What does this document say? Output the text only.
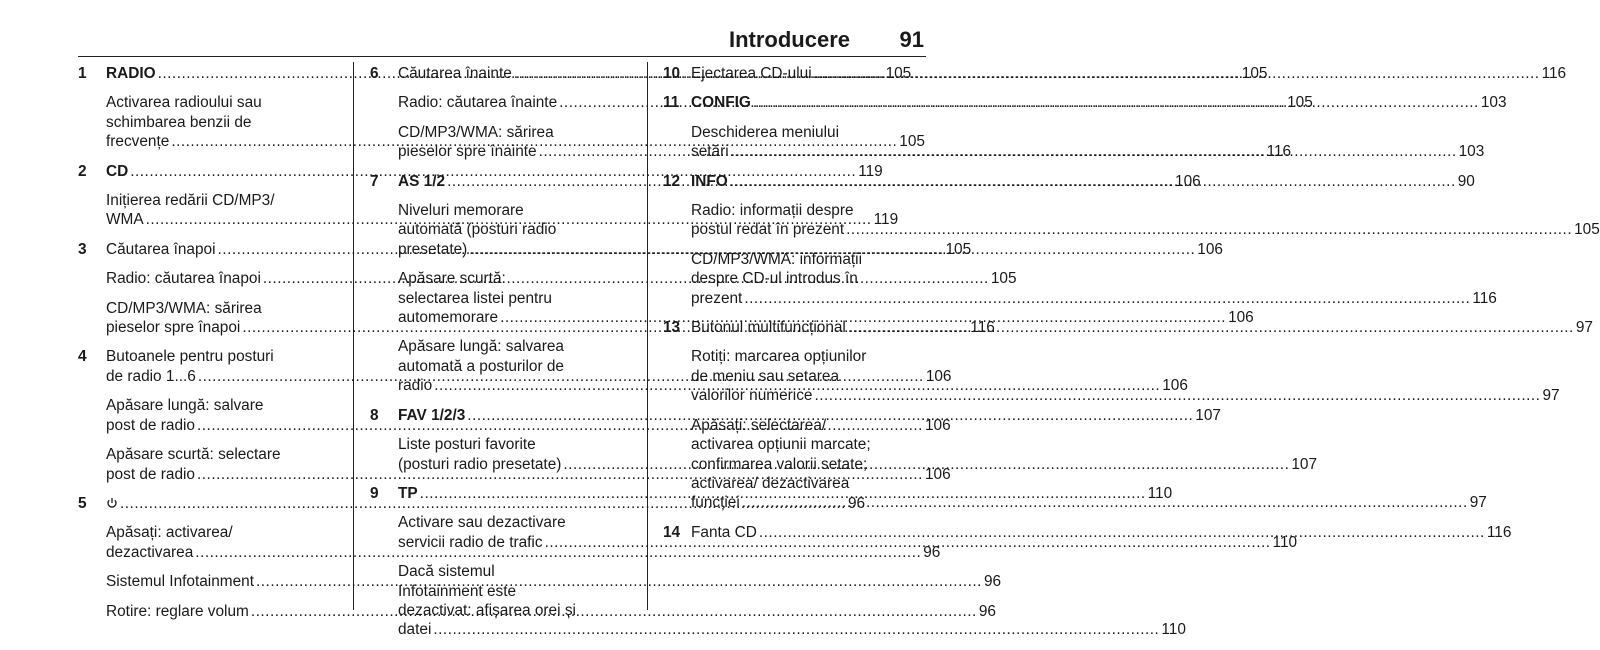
Introducere 91
1	RADIO .....	105
Activarea radioului sau
schimbarea benzii de
frecvențe .....	105
2	CD .....	119
Inițierea redării CD/MP3/
WMA .....	119
3	Căutarea înapoi .....	105
Radio: căutarea înapoi .....	105
CD/MP3/WMA: sărirea
pieselor spre înapoi .....	116
4	Butoanele pentru posturi
de radio 1...6 .....	106
Apăsare lungă: salvare
post de radio .....	106
Apăsare scurtă: selectare
post de radio .....	106
5 .....	96
Apăsați: activarea/
dezactivarea .....	96
Sistemul Infotainment .....	96
Rotire: reglare volum .....	96
6	Căutarea înainte .....	105
Radio: căutarea înainte .....	105
CD/MP3/WMA: sărirea
pieselor spre înainte .....	116
7	AS 1/2 .....	106
Niveluri memorare
automată (posturi radio
presetate) .....	106
Apăsare scurtă:
selectarea listei pentru
automemorare .....	106
Apăsare lungă: salvarea
automată a posturilor de
radio .....	106
8	FAV 1/2/3 .....	107
Liste posturi favorite
(posturi radio presetate) .....	107
9	TP .....	110
Activare sau dezactivare
servicii radio de trafic .....	110
Dacă sistemul
Infotainment este
dezactivat: afișarea orei și
datei .....	110
10 Ejectarea CD-ului .....	116
11 CONFIG .....	103
Deschiderea meniului
setări .....	103
12 INFO .....	90
Radio: informații despre
postul redat în prezent .....	105
CD/MP3/WMA: informații
despre CD-ul introdus în
prezent .....	116
13 Butonul multifuncțional .....	97
Rotiți: marcarea opțiunilor
de meniu sau setarea
valorilor numerice .....	97
Apăsați: selectarea/
activarea opțiunii marcate;
confirmarea valorii setate;
activarea/ dezactivarea
funcției .....	97
14 Fanta CD .....	116
